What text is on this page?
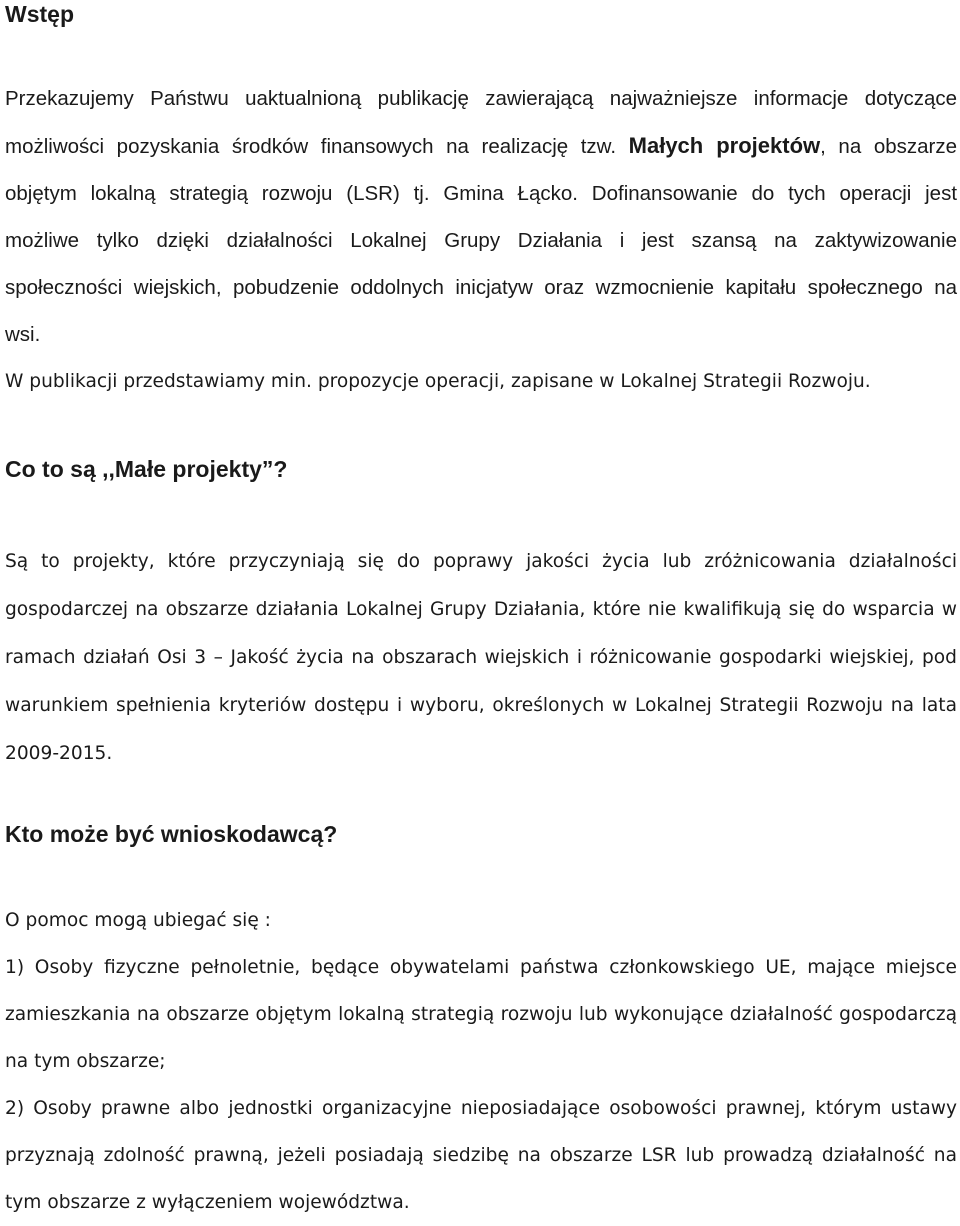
Wstęp

Przekazujemy Państwu uaktualnioną publikację zawierającą najważniejsze informacje dotyczące możliwości pozyskania środków finansowych na realizację tzw. Małych projektów, na obszarze objętym lokalną strategią rozwoju (LSR) tj. Gmina Łącko. Dofinansowanie do tych operacji jest możliwe tylko dzięki działalności Lokalnej Grupy Działania i jest szansą na zaktywizowanie społeczności wiejskich, pobudzenie oddolnych inicjatyw oraz wzmocnienie kapitału społecznego na wsi.

W publikacji przedstawiamy min. propozycje operacji, zapisane w Lokalnej Strategii Rozwoju.

Co to są ,,Małe projekty”?

Są to projekty, które przyczyniają się do poprawy jakości życia lub zróżnicowania działalności gospodarczej na obszarze działania Lokalnej Grupy Działania, które nie kwalifikują się do wsparcia w ramach działań Osi 3 – Jakość życia na obszarach wiejskich i różnicowanie gospodarki wiejskiej, pod warunkiem spełnienia kryteriów dostępu i wyboru, określonych w Lokalnej Strategii Rozwoju na lata 2009-2015.

Kto może być wnioskodawcą?

O pomoc mogą ubiegać się :

1) Osoby fizyczne pełnoletnie, będące obywatelami państwa członkowskiego UE, mające miejsce zamieszkania na obszarze objętym lokalną strategią rozwoju lub wykonujące działalność gospodarczą na tym obszarze;

2) Osoby prawne albo jednostki organizacyjne nieposiadające osobowości prawnej, którym ustawy przyznają zdolność prawną, jeżeli posiadają siedzibę na obszarze LSR lub prowadzą działalność na tym obszarze z wyłączeniem województwa.
